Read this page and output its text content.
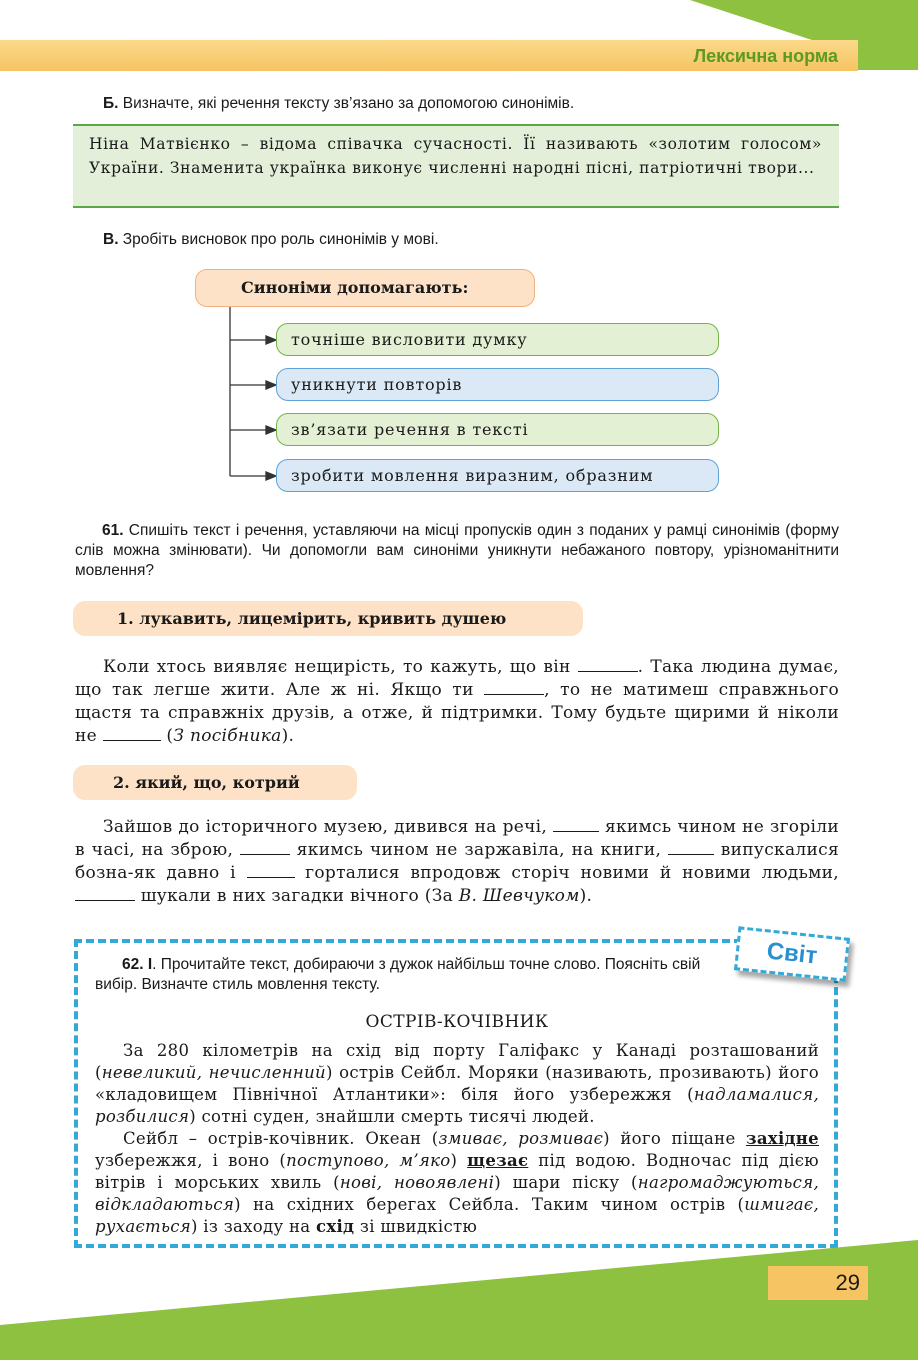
Лексична норма
Б. Визначте, які речення тексту зв’язано за допомогою синонімів.

Ніна Матвієнко – відома співачка сучасності. Її називають «золотим голосом» України. Знаменита українка виконує численні народні пісні, патріотичні твори...

В. Зробіть висновок про роль синонімів у мові.
Синоніми допомагають:
точніше висловити думку
уникнути повторів
зв’язати речення в тексті
зробити мовлення виразним, образним
61. Спишіть текст і речення, уставляючи на місці пропусків один з поданих у рамці синонімів (форму слів можна змінювати). Чи допомогли вам синоніми уникнути небажаного повтору, урізноманітнити мовлення?
1. лукавить, лицемірить, кривить душею

Коли хтось виявляє нещирість, то кажуть, що він	. Така людина думає, що так легше жити. Але ж ні. Якщо ти	, то не матимеш справжнього щастя та справжніх друзів, а отже, й підтримки. Тому будьте щирими й ніколи не	(З посібника).

2. який, що, котрий

Зайшов до історичного музею, дивився на речі,	якимсь чином не згоріли в часі, на зброю,	якимсь чином не заржавіла, на книги,	випускалися бозна-як давно і	горталися впродовж сторіч новими й новими людьми,  шукали в них загадки вічного (За В. Шевчуком).

Світ
62. І. Прочитайте текст, добираючи з дужок найбільш точне слово. Поясніть свій вибір. Визначте стиль мовлення тексту.
ОСТРІВ-КОЧІВНИК

За 280 кілометрів на схід від порту Галіфакс у Канаді розташований (невеликий, нечисленний) острів Сейбл. Моряки (називають, прозивають) його «кладовищем Північної Атлантики»: біля його узбережжя (надламалися, розбилися) сотні суден, знайшли смерть тисячі людей.

Сейбл – острів-кочівник. Океан (змиває, розмиває) його піщане західне узбережжя, і воно (поступово, м’яко) щезає під водою. Водночас під дією вітрів і морських хвиль (нові, новоявлені) шари піску (нагромаджуються, відкладаються) на східних берегах Сейбла. Таким чином острів (шмигає, рухається) із заходу на схід зі швидкістю

29
